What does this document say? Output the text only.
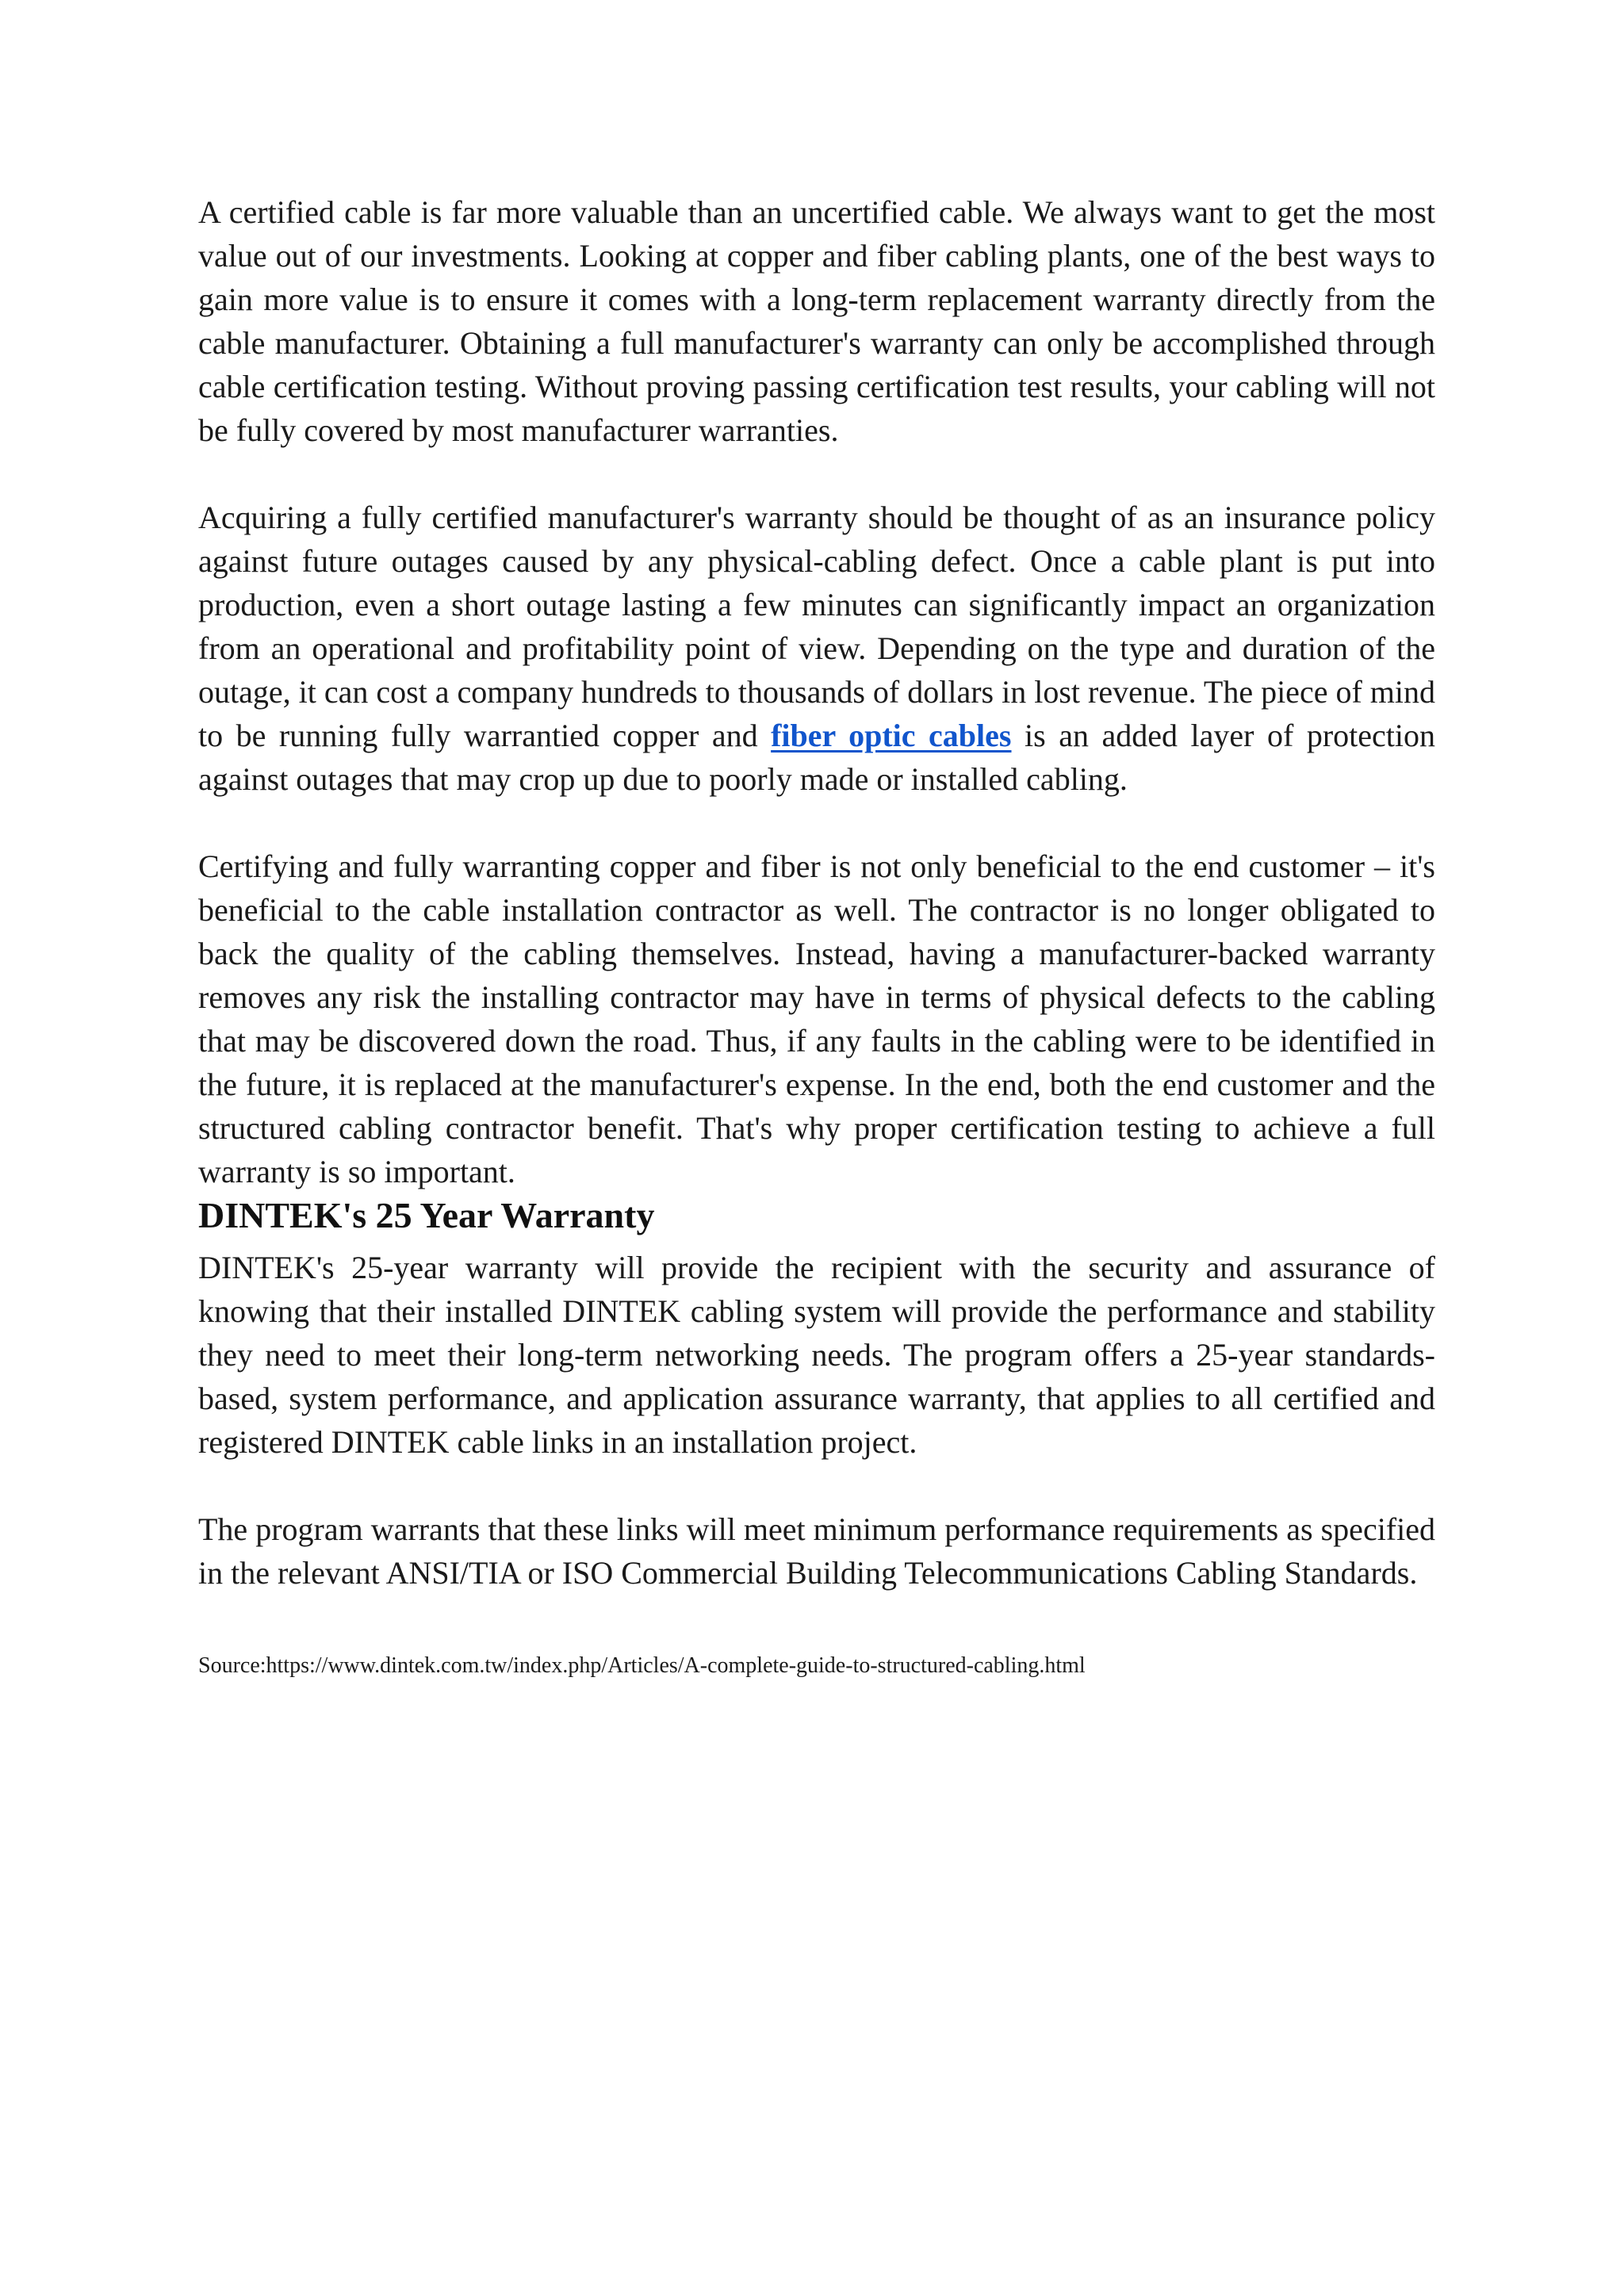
A certified cable is far more valuable than an uncertified cable. We always want to get the most value out of our investments. Looking at copper and fiber cabling plants, one of the best ways to gain more value is to ensure it comes with a long-term replacement warranty directly from the cable manufacturer. Obtaining a full manufacturer's warranty can only be accomplished through cable certification testing. Without proving passing certification test results, your cabling will not be fully covered by most manufacturer warranties.

Acquiring a fully certified manufacturer's warranty should be thought of as an insurance policy against future outages caused by any physical-cabling defect. Once a cable plant is put into production, even a short outage lasting a few minutes can significantly impact an organization from an operational and profitability point of view. Depending on the type and duration of the outage, it can cost a company hundreds to thousands of dollars in lost revenue. The piece of mind to be running fully warrantied copper and fiber optic cables is an added layer of protection against outages that may crop up due to poorly made or installed cabling.

Certifying and fully warranting copper and fiber is not only beneficial to the end customer – it's beneficial to the cable installation contractor as well. The contractor is no longer obligated to back the quality of the cabling themselves. Instead, having a manufacturer-backed warranty removes any risk the installing contractor may have in terms of physical defects to the cabling that may be discovered down the road. Thus, if any faults in the cabling were to be identified in the future, it is replaced at the manufacturer's expense. In the end, both the end customer and the structured cabling contractor benefit. That's why proper certification testing to achieve a full warranty is so important.

DINTEK's 25 Year Warranty

DINTEK's 25-year warranty will provide the recipient with the security and assurance of knowing that their installed DINTEK cabling system will provide the performance and stability they need to meet their long-term networking needs. The program offers a 25-year standards-based, system performance, and application assurance warranty, that applies to all certified and registered DINTEK cable links in an installation project.

The program warrants that these links will meet minimum performance requirements as specified in the relevant ANSI/TIA or ISO Commercial Building Telecommunications Cabling Standards.

Source:https://www.dintek.com.tw/index.php/Articles/A-complete-guide-to-structured-cabling.html
